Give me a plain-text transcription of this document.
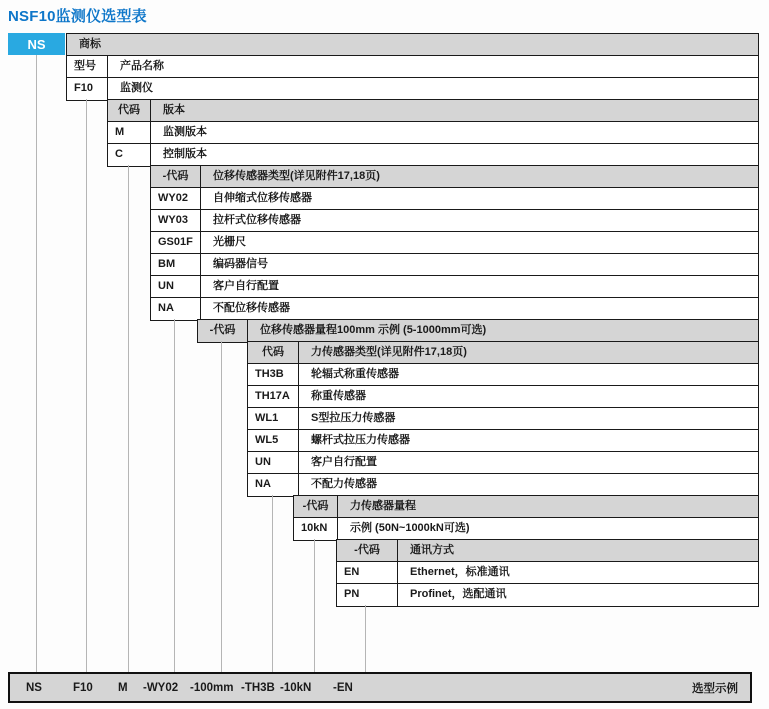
NSF10监测仪选型表
NS	商标
型号	产品名称
F10	监测仪
代码	版本
M	监测版本
C	控制版本
-代码	位移传感器类型(详见附件17,18页)
WY02	自伸缩式位移传感器
WY03	拉杆式位移传感器
GS01F	光栅尺
BM	编码器信号
UN	客户自行配置
NA	不配位移传感器
-代码	位移传感器量程100mm 示例 (5-1000mm可选)
代码	力传感器类型(详见附件17,18页)
TH3B	轮辐式称重传感器
TH17A	称重传感器
WL1	S型拉压力传感器
WL5	螺杆式拉压力传感器
UN	客户自行配置
NA	不配力传感器
-代码	力传感器量程
10kN	示例 (50N~1000kN可选)
-代码	通讯方式
EN	Ethernet，标准通讯
PN	Profinet，选配通讯
选型示例
NS	F10 M -WY02 -100mm -TH3B -10kN -EN
